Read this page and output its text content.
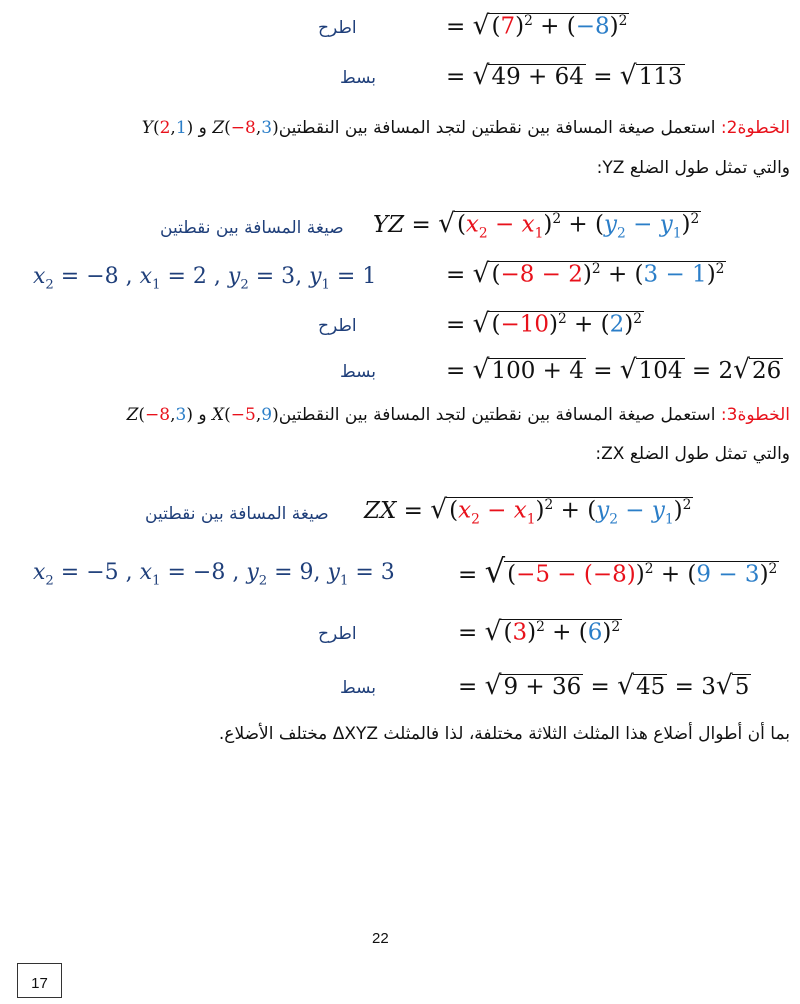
اطرح	= $√(7)^2 + (-8)^2$
بسط	= √49 + 64 = √113
الخطوة2: استعمل صيغة المسافة بين نقطتين لتجد المسافة بين النقطتينZ(−8,3) و Y(2,1)
والتي تمثل طول الضلع YZ:
صيغة المسافة بين نقطتين YZ = $√(x_2 - x_1)^2 + (y_2 - y_1)^2$
$x_2 = -8$ , $x_1 = 2$ , $y_2 = 3$, $y_1 = 1$	= $√(-8 - 2)^2 + (3 - 1)^2$
اطرح	= $√(-10)^2 + (2)^2$
بسط	= √100 + 4 = √104 = 2√26
الخطوة3: استعمل صيغة المسافة بين نقطتين لتجد المسافة بين النقطتينX(−5,9) و Z(−8,3)
والتي تمثل طول الضلع ZX:
صيغة المسافة بين نقطتين ZX = $√(x_2 - x_1)^2 + (y_2 - y_1)^2$
$x_2 = -5$ , $x_1 = -8$ , $y_2 = 9$, $y_1 = 3$	= $√(-5 - (-8))^2 + (9 - 3)^2$
اطرح	= $√(3)^2 + (6)^2$
بسط	= √9 + 36 = √45 = 3√5
بما أن أطوال أضلاع هذا المثلث الثلاثة مختلفة، لذا فالمثلث ΔXYZ مختلف الأضلاع.
22
17
